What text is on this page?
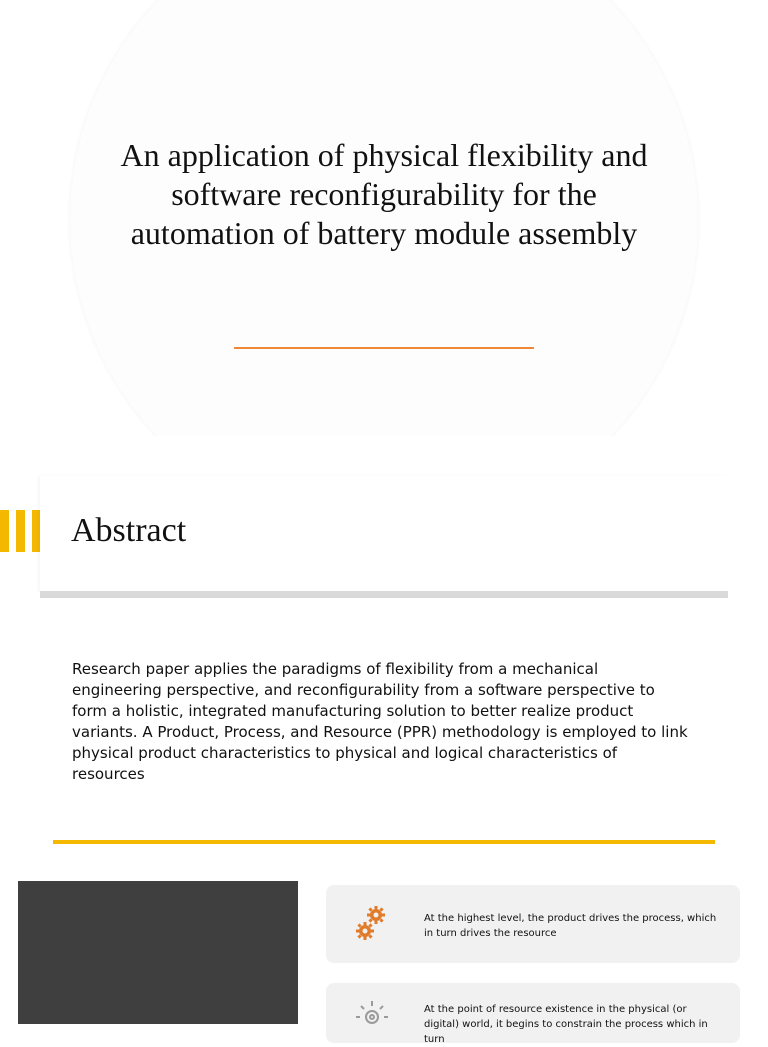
An application of physical flexibility and software reconfigurability for the automation of battery module assembly
Abstract
Research paper applies the paradigms of flexibility from a mechanical engineering perspective, and reconfigurability from a software perspective to form a holistic, integrated manufacturing solution to better realize product variants. A Product, Process, and Resource (PPR) methodology is employed to link physical product characteristics to physical and logical characteristics of resources
At the highest level, the product drives the process, which in turn drives the resource
At the point of resource existence in the physical (or digital) world, it begins to constrain the process which in turn
